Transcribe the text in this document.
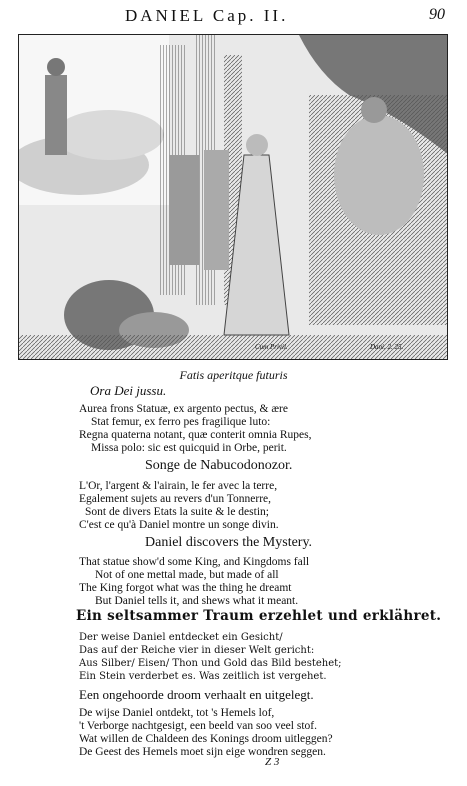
DANIEL Cap. II.	90
Cum Privil.	Dani. 2. 25.
Fatis aperitque futuris
Ora Dei jussu.
Aurea frons Statuæ, ex argento pectus, & ære
Stat femur, ex ferro pes fragilique luto:
Regna quaterna notant, quæ conterit omnia Rupes,
Missa polo: sic est quicquid in Orbe, perit.
Songe de Nabucodonozor.
L'Or, l'argent & l'airain, le fer avec la terre,
Egalement sujets au revers d'un Tonnerre,
Sont de divers Etats la suite & le destin;
C'est ce qu'à Daniel montre un songe divin.
Daniel discovers the Mystery.
That statue show'd some King, and Kingdoms fall
Not of one mettal made, but made of all
The King forgot what was the thing he dreamt
But Daniel tells it, and shews what it meant.
Ein seltsammer Traum erzehlet und erklähret.
Der weise Daniel entdecket ein Gesicht/
Das auf der Reiche vier in dieser Welt gericht:
Aus Silber/ Eisen/ Thon und Gold das Bild bestehet;
Ein Stein verderbet es. Was zeitlich ist vergehet.
Een ongehoorde droom verhaalt en uitgelegt.
De wijse Daniel ontdekt, tot 's Hemels lof,
't Verborge nachtgesigt, een beeld van soo veel stof.
Wat willen de Chaldeen des Konings droom uitleggen?
De Geest des Hemels moet sijn eige wondren seggen.
Z 3
